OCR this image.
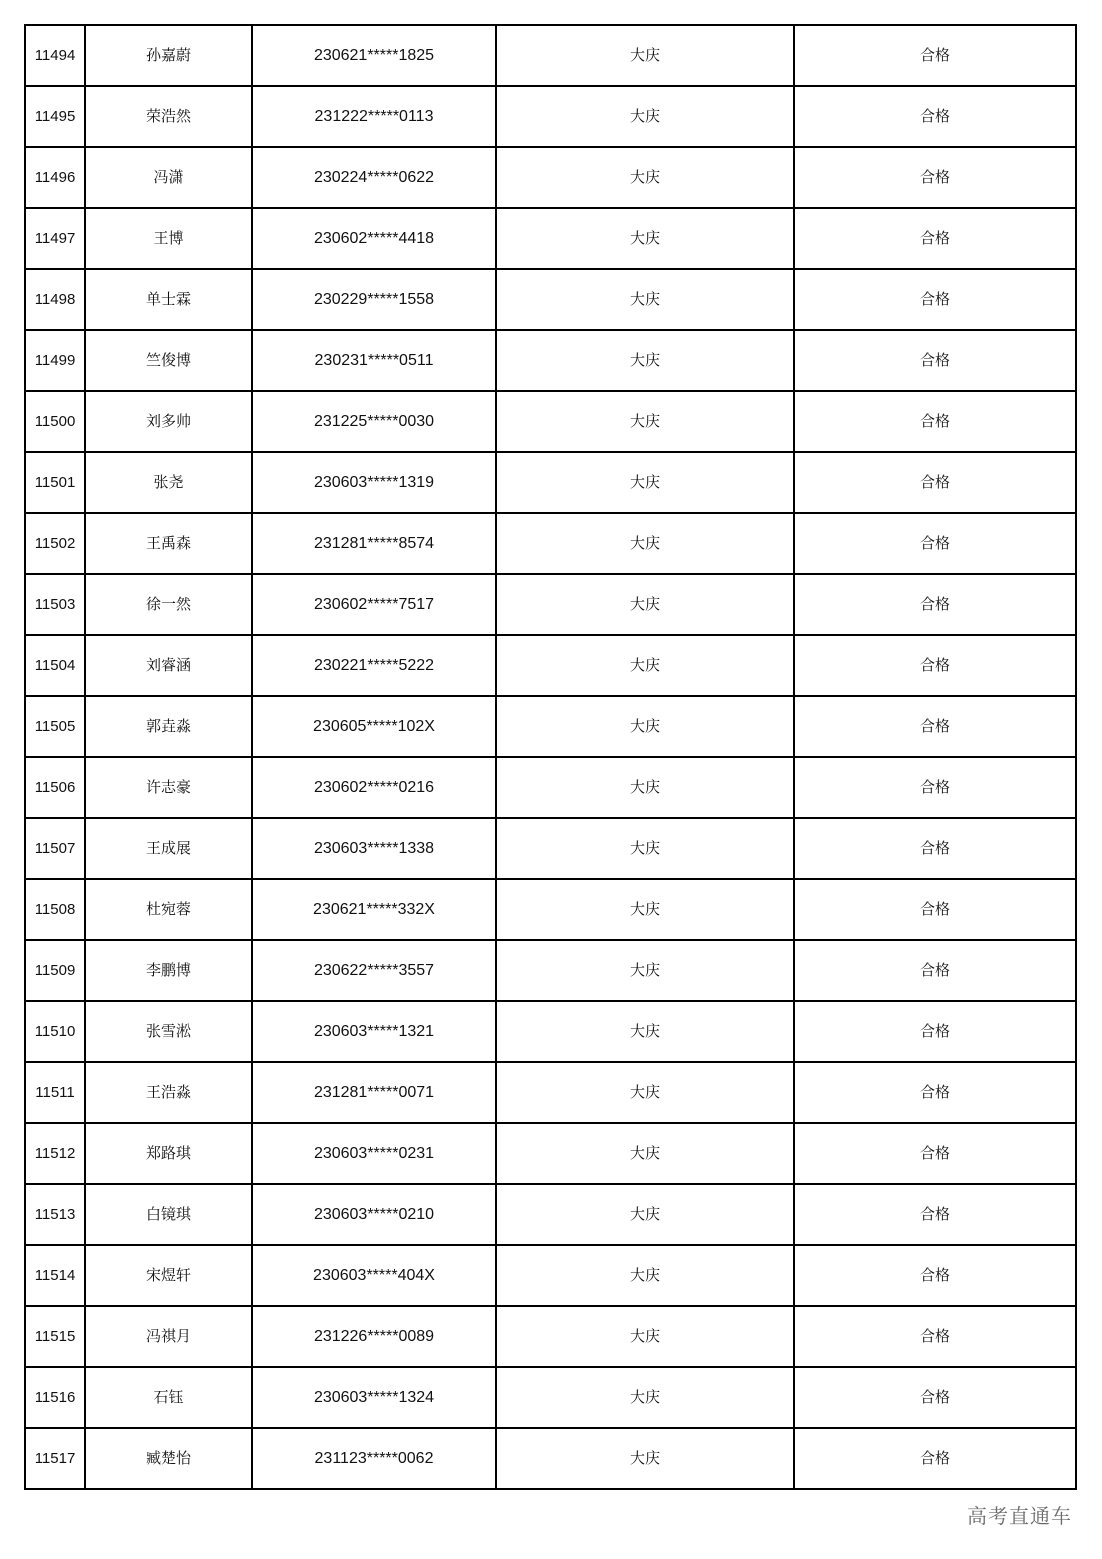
11494	孙嘉蔚	230621*****1825	大庆	合格
11495	荣浩然	231222*****0113	大庆	合格
11496	冯潇	230224*****0622	大庆	合格
11497	王博	230602*****4418	大庆	合格
11498	单士霖	230229*****1558	大庆	合格
11499	竺俊博	230231*****0511	大庆	合格
11500	刘多帅	231225*****0030	大庆	合格
11501	张尧	230603*****1319	大庆	合格
11502	王禹森	231281*****8574	大庆	合格
11503	徐一然	230602*****7517	大庆	合格
11504	刘睿涵	230221*****5222	大庆	合格
11505	郭垚淼	230605*****102X	大庆	合格
11506	许志豪	230602*****0216	大庆	合格
11507	王成展	230603*****1338	大庆	合格
11508	杜宛蓉	230621*****332X	大庆	合格
11509	李鹏博	230622*****3557	大庆	合格
11510	张雪淞	230603*****1321	大庆	合格
11511	王浩淼	231281*****0071	大庆	合格
11512	郑路琪	230603*****0231	大庆	合格
11513	白镜琪	230603*****0210	大庆	合格
11514	宋煜轩	230603*****404X	大庆	合格
11515	冯祺月	231226*****0089	大庆	合格
11516	石钰	230603*****1324	大庆	合格
11517	臧楚怡	231123*****0062	大庆	合格
高考直通车
